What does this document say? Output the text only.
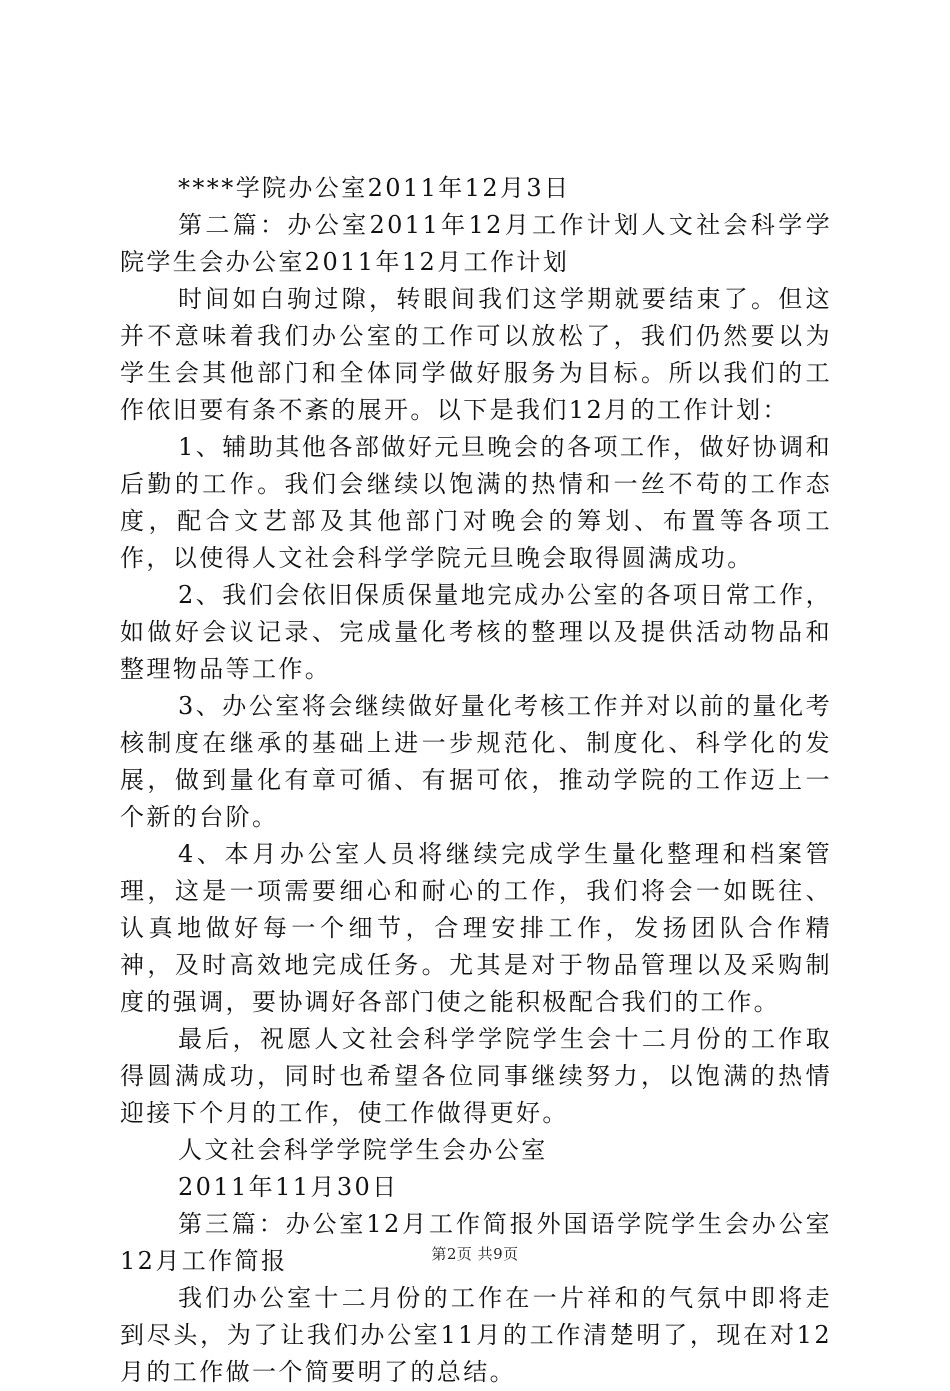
****学院办公室2011年12月3日

第二篇：办公室2011年12月工作计划人文社会科学学院学生会办公室2011年12月工作计划

时间如白驹过隙，转眼间我们这学期就要结束了。但这并不意味着我们办公室的工作可以放松了，我们仍然要以为学生会其他部门和全体同学做好服务为目标。所以我们的工作依旧要有条不紊的展开。以下是我们12月的工作计划：

1、辅助其他各部做好元旦晚会的各项工作，做好协调和后勤的工作。我们会继续以饱满的热情和一丝不苟的工作态度，配合文艺部及其他部门对晚会的筹划、布置等各项工作，以使得人文社会科学学院元旦晚会取得圆满成功。

2、我们会依旧保质保量地完成办公室的各项日常工作，如做好会议记录、完成量化考核的整理以及提供活动物品和整理物品等工作。

3、办公室将会继续做好量化考核工作并对以前的量化考核制度在继承的基础上进一步规范化、制度化、科学化的发展，做到量化有章可循、有据可依，推动学院的工作迈上一个新的台阶。

4、本月办公室人员将继续完成学生量化整理和档案管理，这是一项需要细心和耐心的工作，我们将会一如既往、认真地做好每一个细节，合理安排工作，发扬团队合作精神，及时高效地完成任务。尤其是对于物品管理以及采购制度的强调，要协调好各部门使之能积极配合我们的工作。

最后，祝愿人文社会科学学院学生会十二月份的工作取得圆满成功，同时也希望各位同事继续努力，以饱满的热情迎接下个月的工作，使工作做得更好。

人文社会科学学院学生会办公室

2011年11月30日

第三篇：办公室12月工作简报外国语学院学生会办公室12月工作简报

我们办公室十二月份的工作在一片祥和的气氛中即将走到尽头，为了让我们办公室11月的工作清楚明了，现在对12月的工作做一个简要明了的总结。

第2页 共9页
